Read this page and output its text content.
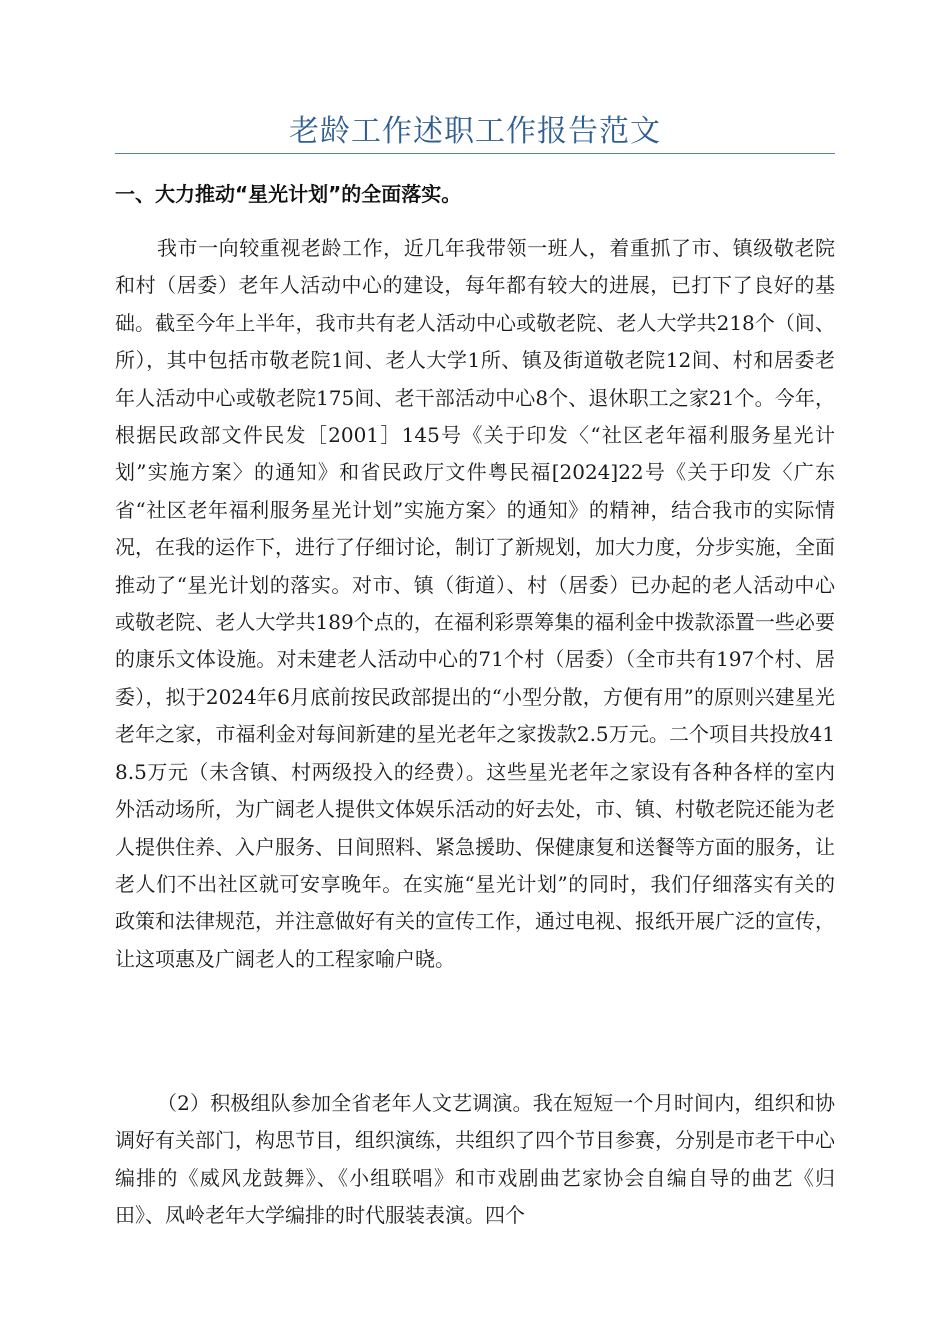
老龄工作述职工作报告范文
一、大力推动“星光计划”的全面落实。
我市一向较重视老龄工作，近几年我带领一班人，着重抓了市、镇级敬老院和村（居委）老年人活动中心的建设，每年都有较大的进展，已打下了良好的基础。截至今年上半年，我市共有老人活动中心或敬老院、老人大学共218个（间、所），其中包括市敬老院1间、老人大学1所、镇及街道敬老院12间、村和居委老年人活动中心或敬老院175间、老干部活动中心8个、退休职工之家21个。今年，根据民政部文件民发［2001］145号《关于印发〈“社区老年福利服务星光计划”实施方案〉的通知》和省民政厅文件粤民福[2024]22号《关于印发〈广东省“社区老年福利服务星光计划”实施方案〉的通知》的精神，结合我市的实际情况，在我的运作下，进行了仔细讨论，制订了新规划，加大力度，分步实施，全面推动了“星光计划的落实。对市、镇（街道）、村（居委）已办起的老人活动中心或敬老院、老人大学共189个点的，在福利彩票筹集的福利金中拨款添置一些必要的康乐文体设施。对未建老人活动中心的71个村（居委）（全市共有197个村、居委），拟于2024年6月底前按民政部提出的“小型分散，方便有用”的原则兴建星光老年之家，市福利金对每间新建的星光老年之家拨款2.5万元。二个项目共投放418.5万元（未含镇、村两级投入的经费）。这些星光老年之家设有各种各样的室内外活动场所，为广阔老人提供文体娱乐活动的好去处，市、镇、村敬老院还能为老人提供住养、入户服务、日间照料、紧急援助、保健康复和送餐等方面的服务，让老人们不出社区就可安享晚年。在实施“星光计划”的同时，我们仔细落实有关的政策和法律规范，并注意做好有关的宣传工作，通过电视、报纸开展广泛的宣传，让这项惠及广阔老人的工程家喻户晓。
（2）积极组队参加全省老年人文艺调演。我在短短一个月时间内，组织和协调好有关部门，构思节目，组织演练，共组织了四个节目参赛，分别是市老干中心编排的《威风龙鼓舞》、《小组联唱》和市戏剧曲艺家协会自编自导的曲艺《归田》、凤岭老年大学编排的时代服装表演。四个
